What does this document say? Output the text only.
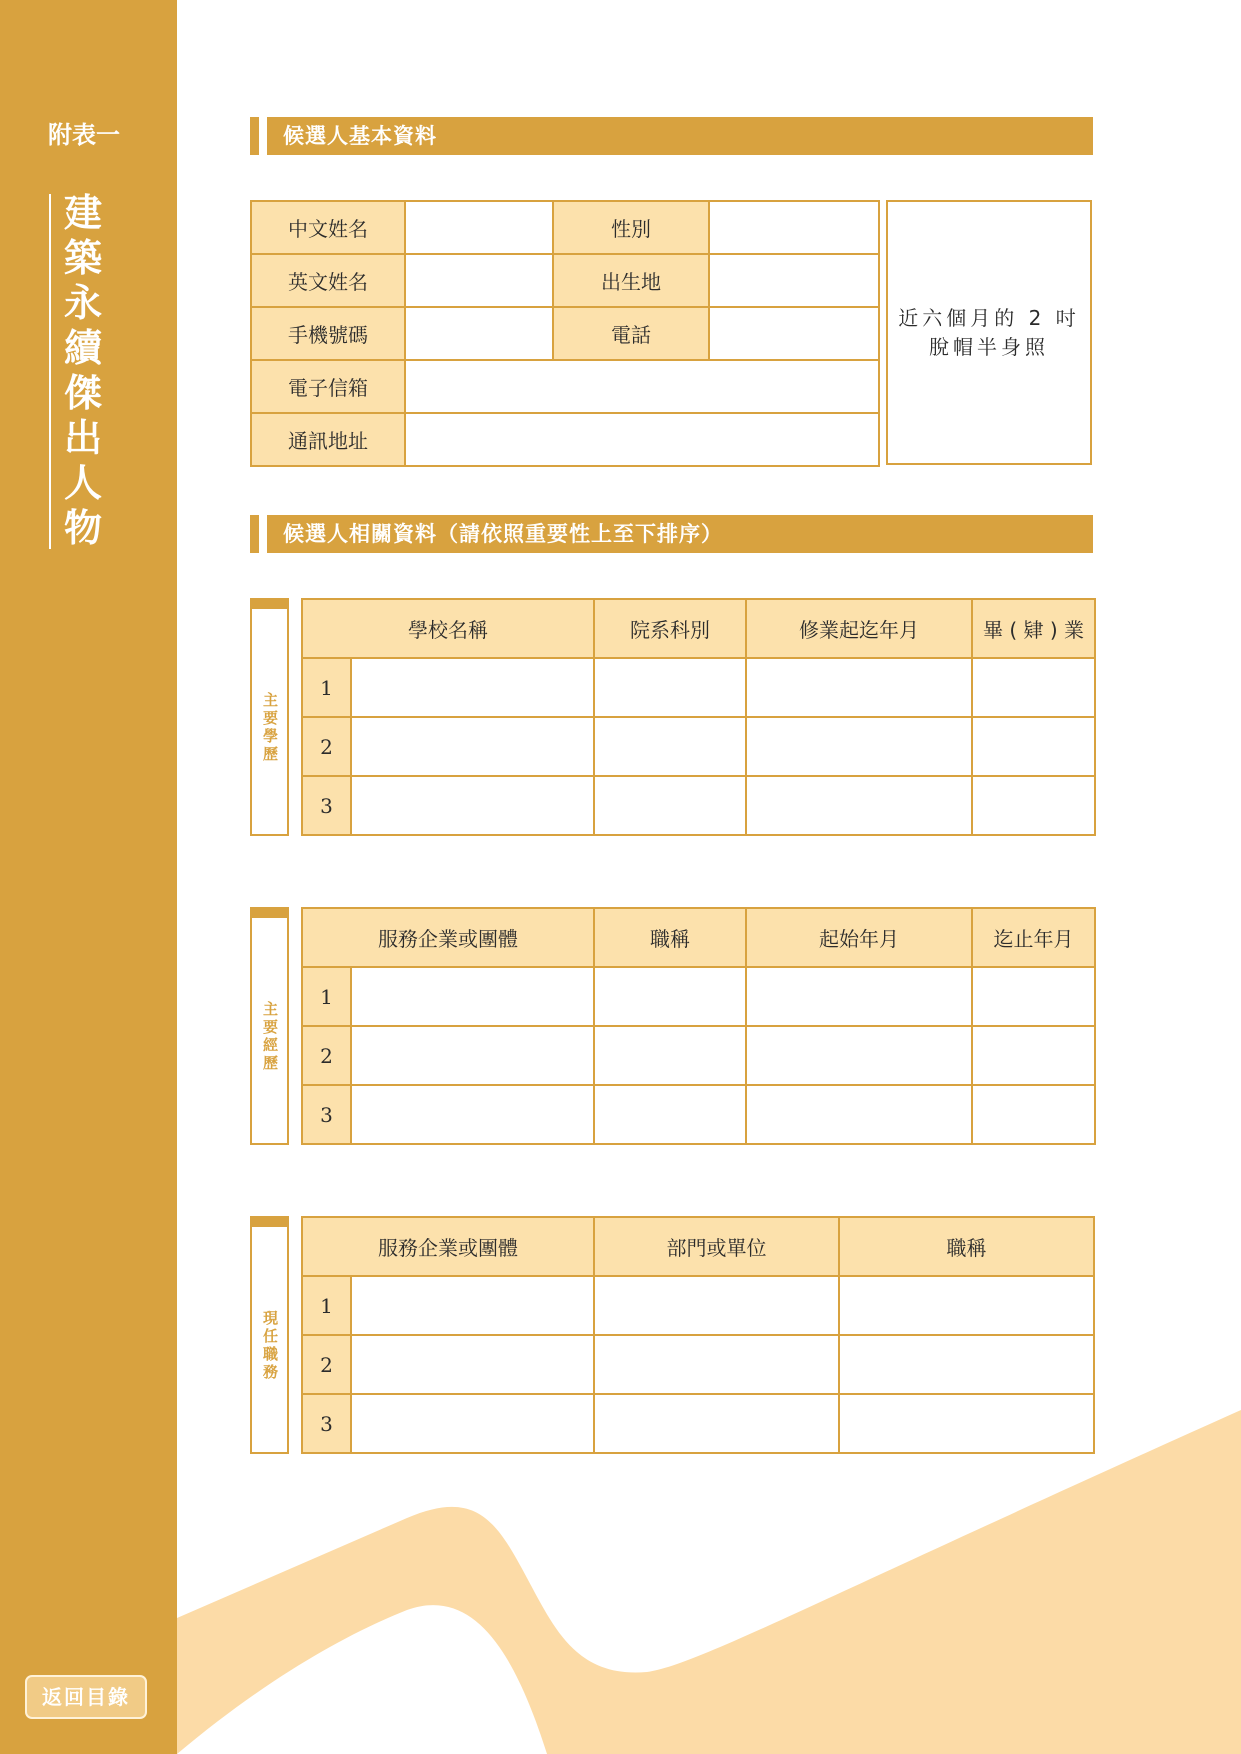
附表一
建築永續傑出人物
返回目錄
候選人基本資料
中文姓名		性別	
英文姓名		出生地	
手機號碼		電話	
電子信箱			
通訊地址			
近六個月的 2 吋
脫帽半身照
候選人相關資料（請依照重要性上至下排序）
主要學歷
學校名稱		院系科別	修業起迄年月	畢 ( 肄 ) 業
1				
2				
3				
主要經歷
服務企業或團體		職稱	起始年月	迄止年月
1				
2				
3				
現任職務
服務企業或團體		部門或單位	職稱
1			
2			
3			
